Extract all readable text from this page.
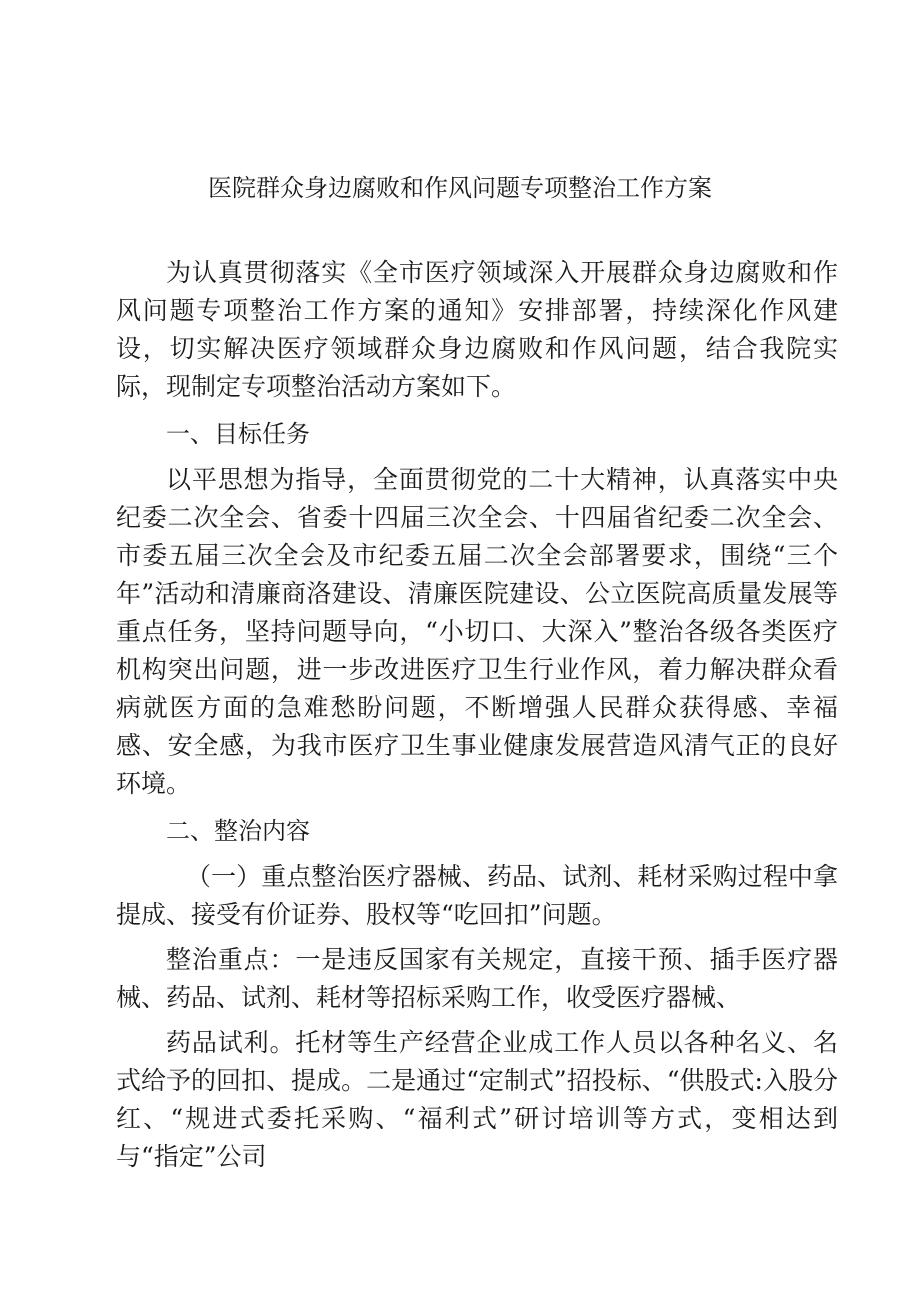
医院群众身边腐败和作风问题专项整治工作方案

为认真贯彻落实《全市医疗领域深入开展群众身边腐败和作风问题专项整治工作方案的通知》安排部署，持续深化作风建设，切实解决医疗领域群众身边腐败和作风问题，结合我院实际，现制定专项整治活动方案如下。

一、目标任务

以平思想为指导，全面贯彻党的二十大精神，认真落实中央纪委二次全会、省委十四届三次全会、十四届省纪委二次全会、市委五届三次全会及市纪委五届二次全会部署要求，围绕“三个年”活动和清廉商洛建设、清廉医院建设、公立医院高质量发展等重点任务，坚持问题导向，“小切口、大深入”整治各级各类医疗机构突出问题，进一步改进医疗卫生行业作风，着力解决群众看病就医方面的急难愁盼问题，不断增强人民群众获得感、幸福感、安全感，为我市医疗卫生事业健康发展营造风清气正的良好环境。

二、整治内容

（一）重点整治医疗器械、药品、试剂、耗材采购过程中拿提成、接受有价证券、股权等“吃回扣”问题。

整治重点：一是违反国家有关规定，直接干预、插手医疗器械、药品、试剂、耗材等招标采购工作，收受医疗器械、

药品试利。托材等生产经营企业成工作人员以各种名义、名式给予的回扣、提成。二是通过“定制式”招投标、“供股式:入股分红、“规进式委托采购、“福利式”研讨培训等方式，变相达到与“指定”公司
